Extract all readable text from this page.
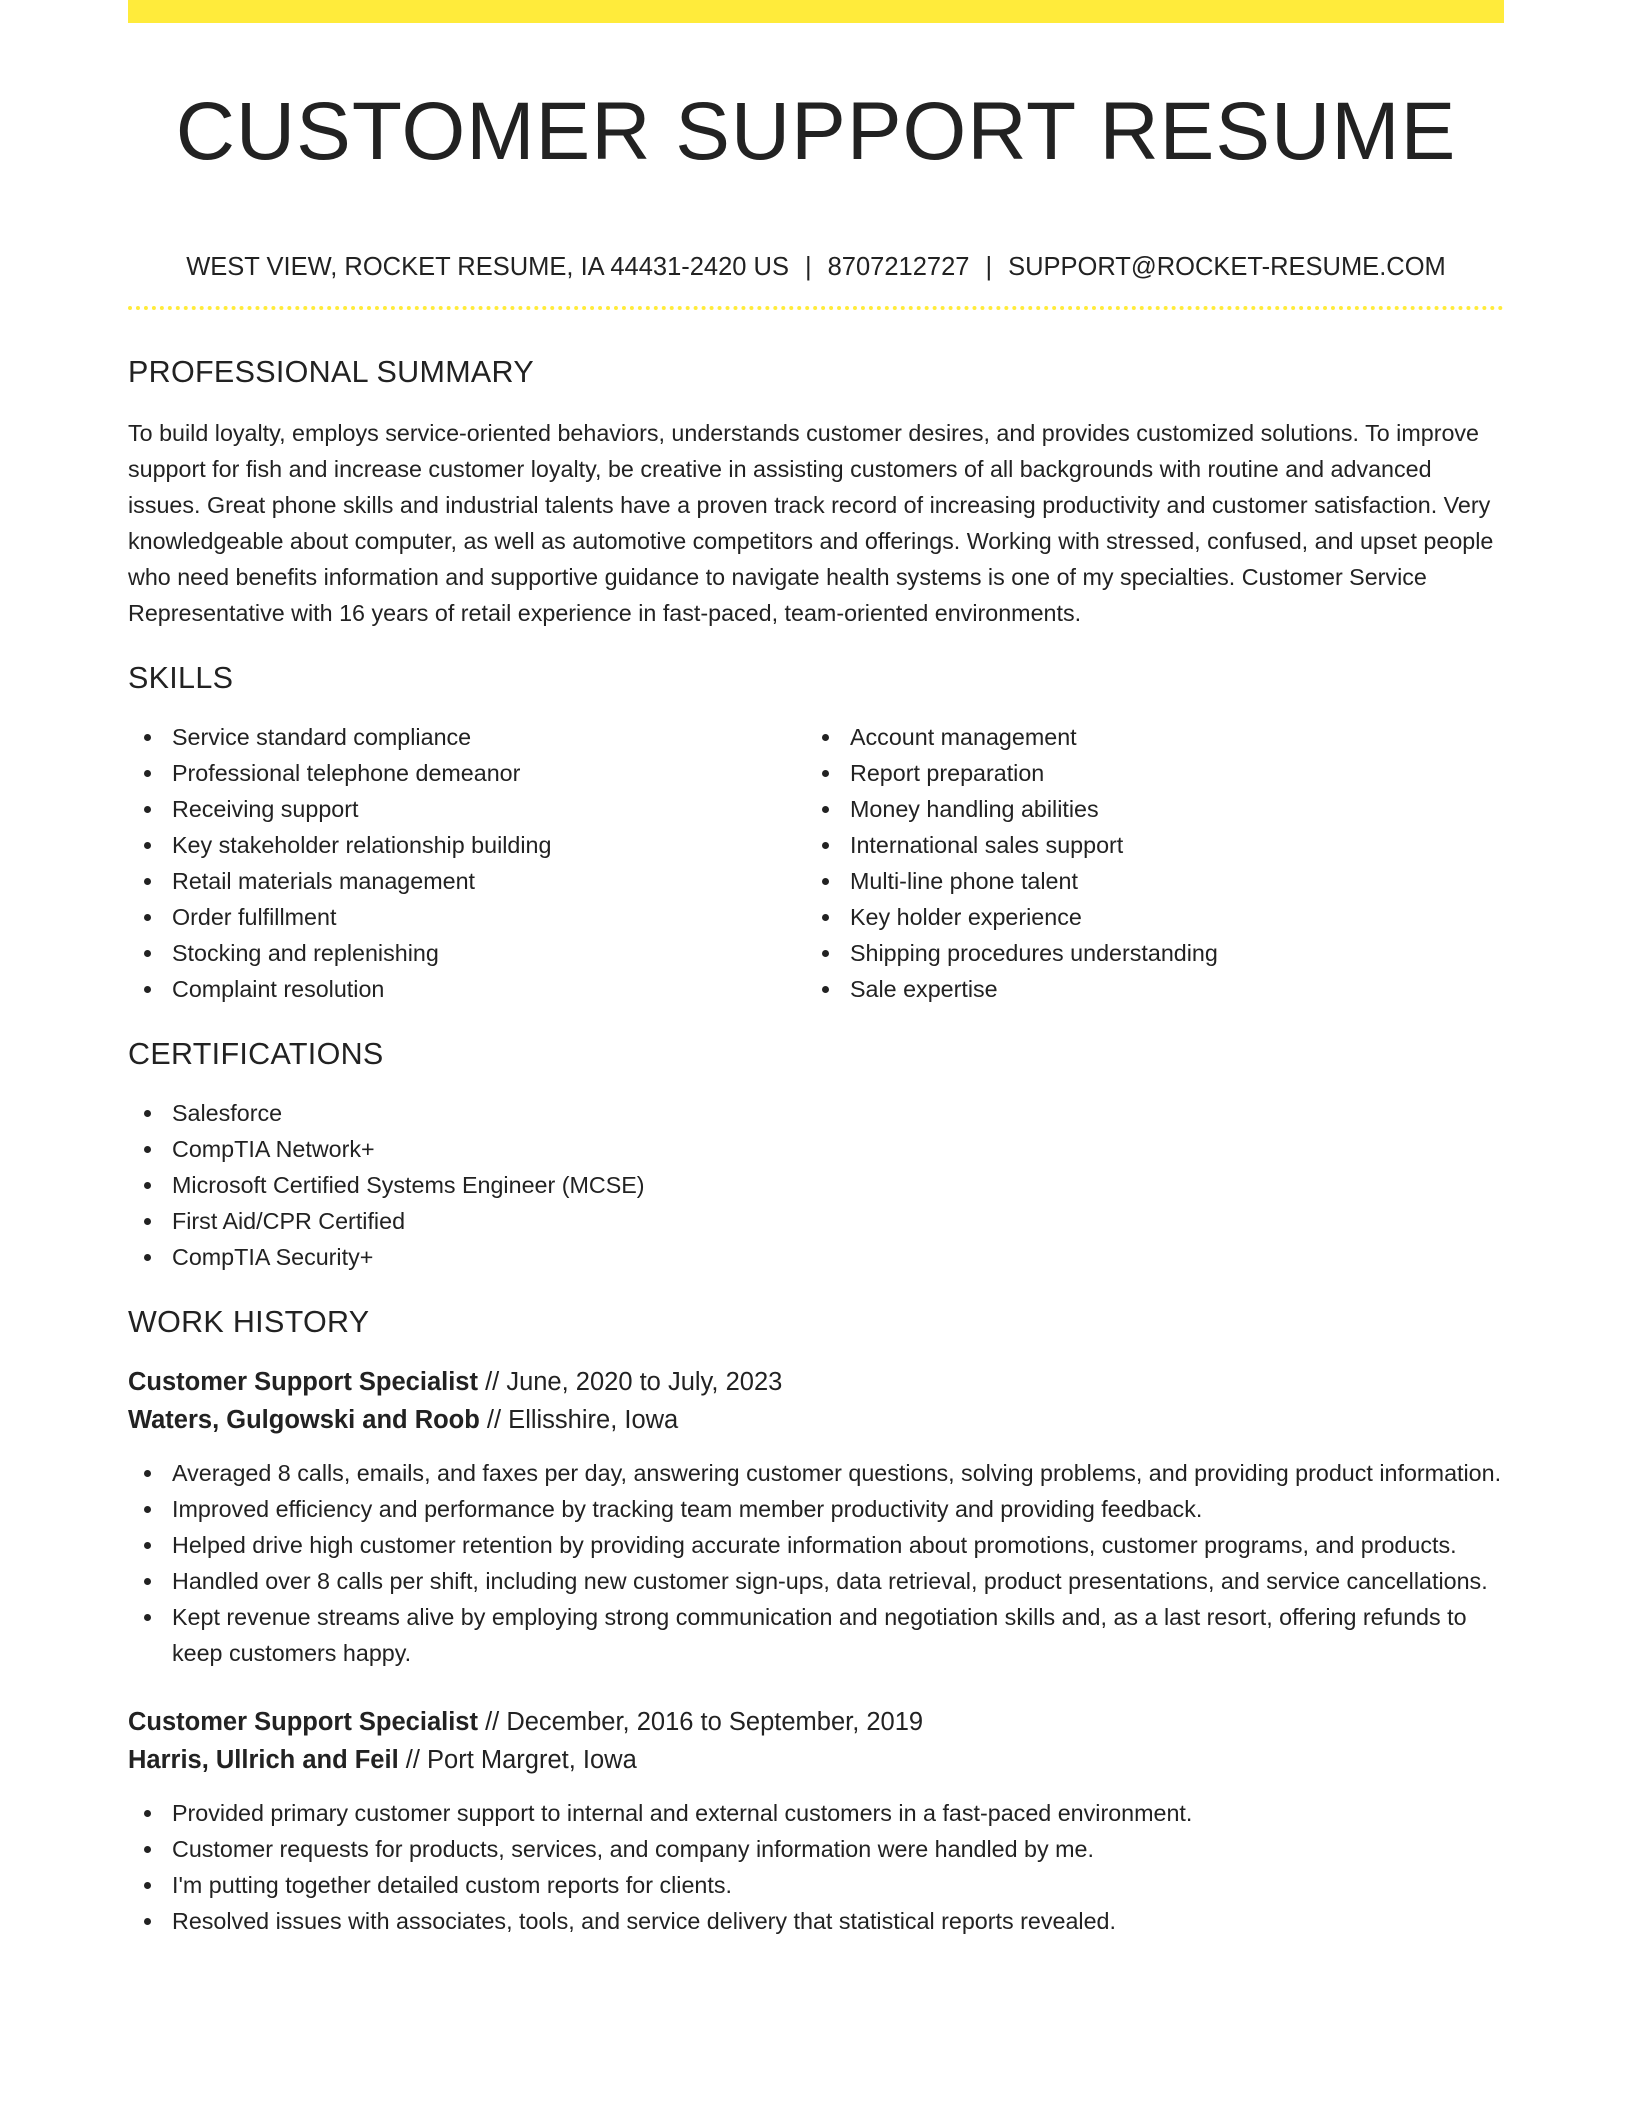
CUSTOMER SUPPORT RESUME
WEST VIEW, ROCKET RESUME, IA 44431-2420 US | 8707212727 | SUPPORT@ROCKET-RESUME.COM
PROFESSIONAL SUMMARY

To build loyalty, employs service-oriented behaviors, understands customer desires, and provides customized solutions. To improve support for fish and increase customer loyalty, be creative in assisting customers of all backgrounds with routine and advanced issues. Great phone skills and industrial talents have a proven track record of increasing productivity and customer satisfaction. Very knowledgeable about computer, as well as automotive competitors and offerings. Working with stressed, confused, and upset people who need benefits information and supportive guidance to navigate health systems is one of my specialties. Customer Service Representative with 16 years of retail experience in fast-paced, team-oriented environments.

SKILLS
Service standard compliance
Professional telephone demeanor
Receiving support
Key stakeholder relationship building
Retail materials management
Order fulfillment
Stocking and replenishing
Complaint resolution
Account management
Report preparation
Money handling abilities
International sales support
Multi-line phone talent
Key holder experience
Shipping procedures understanding
Sale expertise
CERTIFICATIONS
Salesforce
CompTIA Network+
Microsoft Certified Systems Engineer (MCSE)
First Aid/CPR Certified
CompTIA Security+
WORK HISTORY
Customer Support Specialist // June, 2020 to July, 2023
Waters, Gulgowski and Roob // Ellisshire, Iowa
Averaged 8 calls, emails, and faxes per day, answering customer questions, solving problems, and providing product information.
Improved efficiency and performance by tracking team member productivity and providing feedback.
Helped drive high customer retention by providing accurate information about promotions, customer programs, and products.
Handled over 8 calls per shift, including new customer sign-ups, data retrieval, product presentations, and service cancellations.
Kept revenue streams alive by employing strong communication and negotiation skills and, as a last resort, offering refunds to keep customers happy.
Customer Support Specialist // December, 2016 to September, 2019
Harris, Ullrich and Feil // Port Margret, Iowa
Provided primary customer support to internal and external customers in a fast-paced environment.
Customer requests for products, services, and company information were handled by me.
I'm putting together detailed custom reports for clients.
Resolved issues with associates, tools, and service delivery that statistical reports revealed.
